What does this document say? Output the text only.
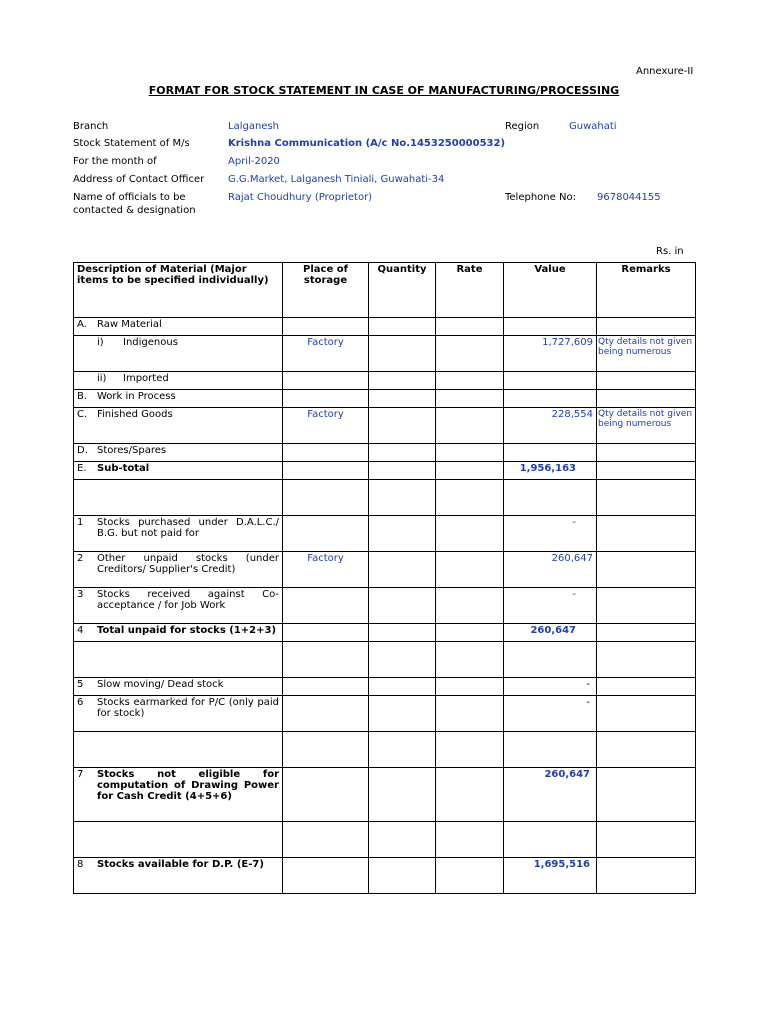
Annexure-II
FORMAT FOR STOCK STATEMENT IN CASE OF MANUFACTURING/PROCESSING
Branch	Lalganesh	Region	Guwahati
Stock Statement of M/s	Krishna Communication (A/c No.1453250000532)
For the month of	April-2020
Address of Contact Officer G.G.Market, Lalganesh Tiniali, Guwahati-34
Name of officials to be
contacted & designation
Rajat Choudhury (Proprietor)	Telephone No: 9678044155
Rs. in
Description of Material (Major items to be specified individually)	Place of storage	Quantity	Rate	Value	Remarks

A. Raw Material					

i) Indigenous	Factory			1,727,609	Qty details not given being numerous

ii) Imported					

B. Work in Process					

C. Finished Goods	Factory			228,554	Qty details not given being numerous

D. Stores/Spares					

E. Sub-total				1,956,163	

1 Stocks purchased under D.A.L.C./ B.G. but not paid for				-	

2 Other unpaid stocks (under Creditors/ Supplier's Credit)	Factory			260,647	

3 Stocks received against Co-acceptance / for Job Work				-	

4 Total unpaid for stocks (1+2+3)				260,647	

5 Slow moving/ Dead stock				-	

6 Stocks earmarked for P/C (only paid for stock)				-	

7 Stocks not eligible for computation of Drawing Power for Cash Credit (4+5+6)				260,647	

8 Stocks available for D.P. (E-7)				1,695,516	
